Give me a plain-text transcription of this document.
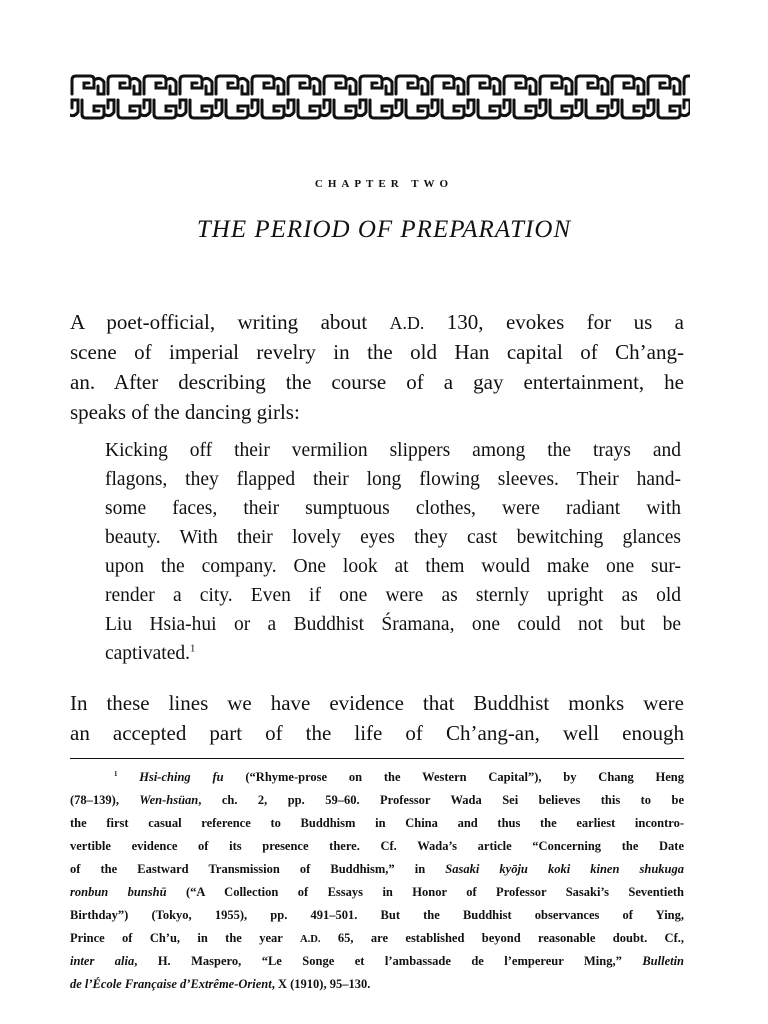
CHAPTER TWO
THE PERIOD OF PREPARATION
A poet-official, writing about A.D. 130, evokes for us a
scene of imperial revelry in the old Han capital of Ch’ang-
an. After describing the course of a gay entertainment, he
speaks of the dancing girls:
Kicking off their vermilion slippers among the trays and
flagons, they flapped their long flowing sleeves. Their hand-
some faces, their sumptuous clothes, were radiant with
beauty. With their lovely eyes they cast bewitching glances
upon the company. One look at them would make one sur-
render a city. Even if one were as sternly upright as old
Liu Hsia-hui or a Buddhist Śramana, one could not but be
captivated.$^1$
In these lines we have evidence that Buddhist monks were
an accepted part of the life of Ch’ang-an, well enough
$^1$ Hsi-ching fu (“Rhyme-prose on the Western Capital”), by Chang Heng
(78–139), Wen-hsüan, ch. 2, pp. 59–60. Professor Wada Sei believes this to be
the first casual reference to Buddhism in China and thus the earliest incontro-
vertible evidence of its presence there. Cf. Wada’s article “Concerning the Date
of the Eastward Transmission of Buddhism,” in Sasaki kyōju koki kinen shukuga
ronbun bunshū (“A Collection of Essays in Honor of Professor Sasaki’s Seventieth
Birthday”) (Tokyo, 1955), pp. 491–501. But the Buddhist observances of Ying,
Prince of Ch’u, in the year A.D. 65, are established beyond reasonable doubt. Cf.,
inter alia, H. Maspero, “Le Songe et l’ambassade de l’empereur Ming,” Bulletin
de l’École Française d’Extrême-Orient, X (1910), 95–130.
